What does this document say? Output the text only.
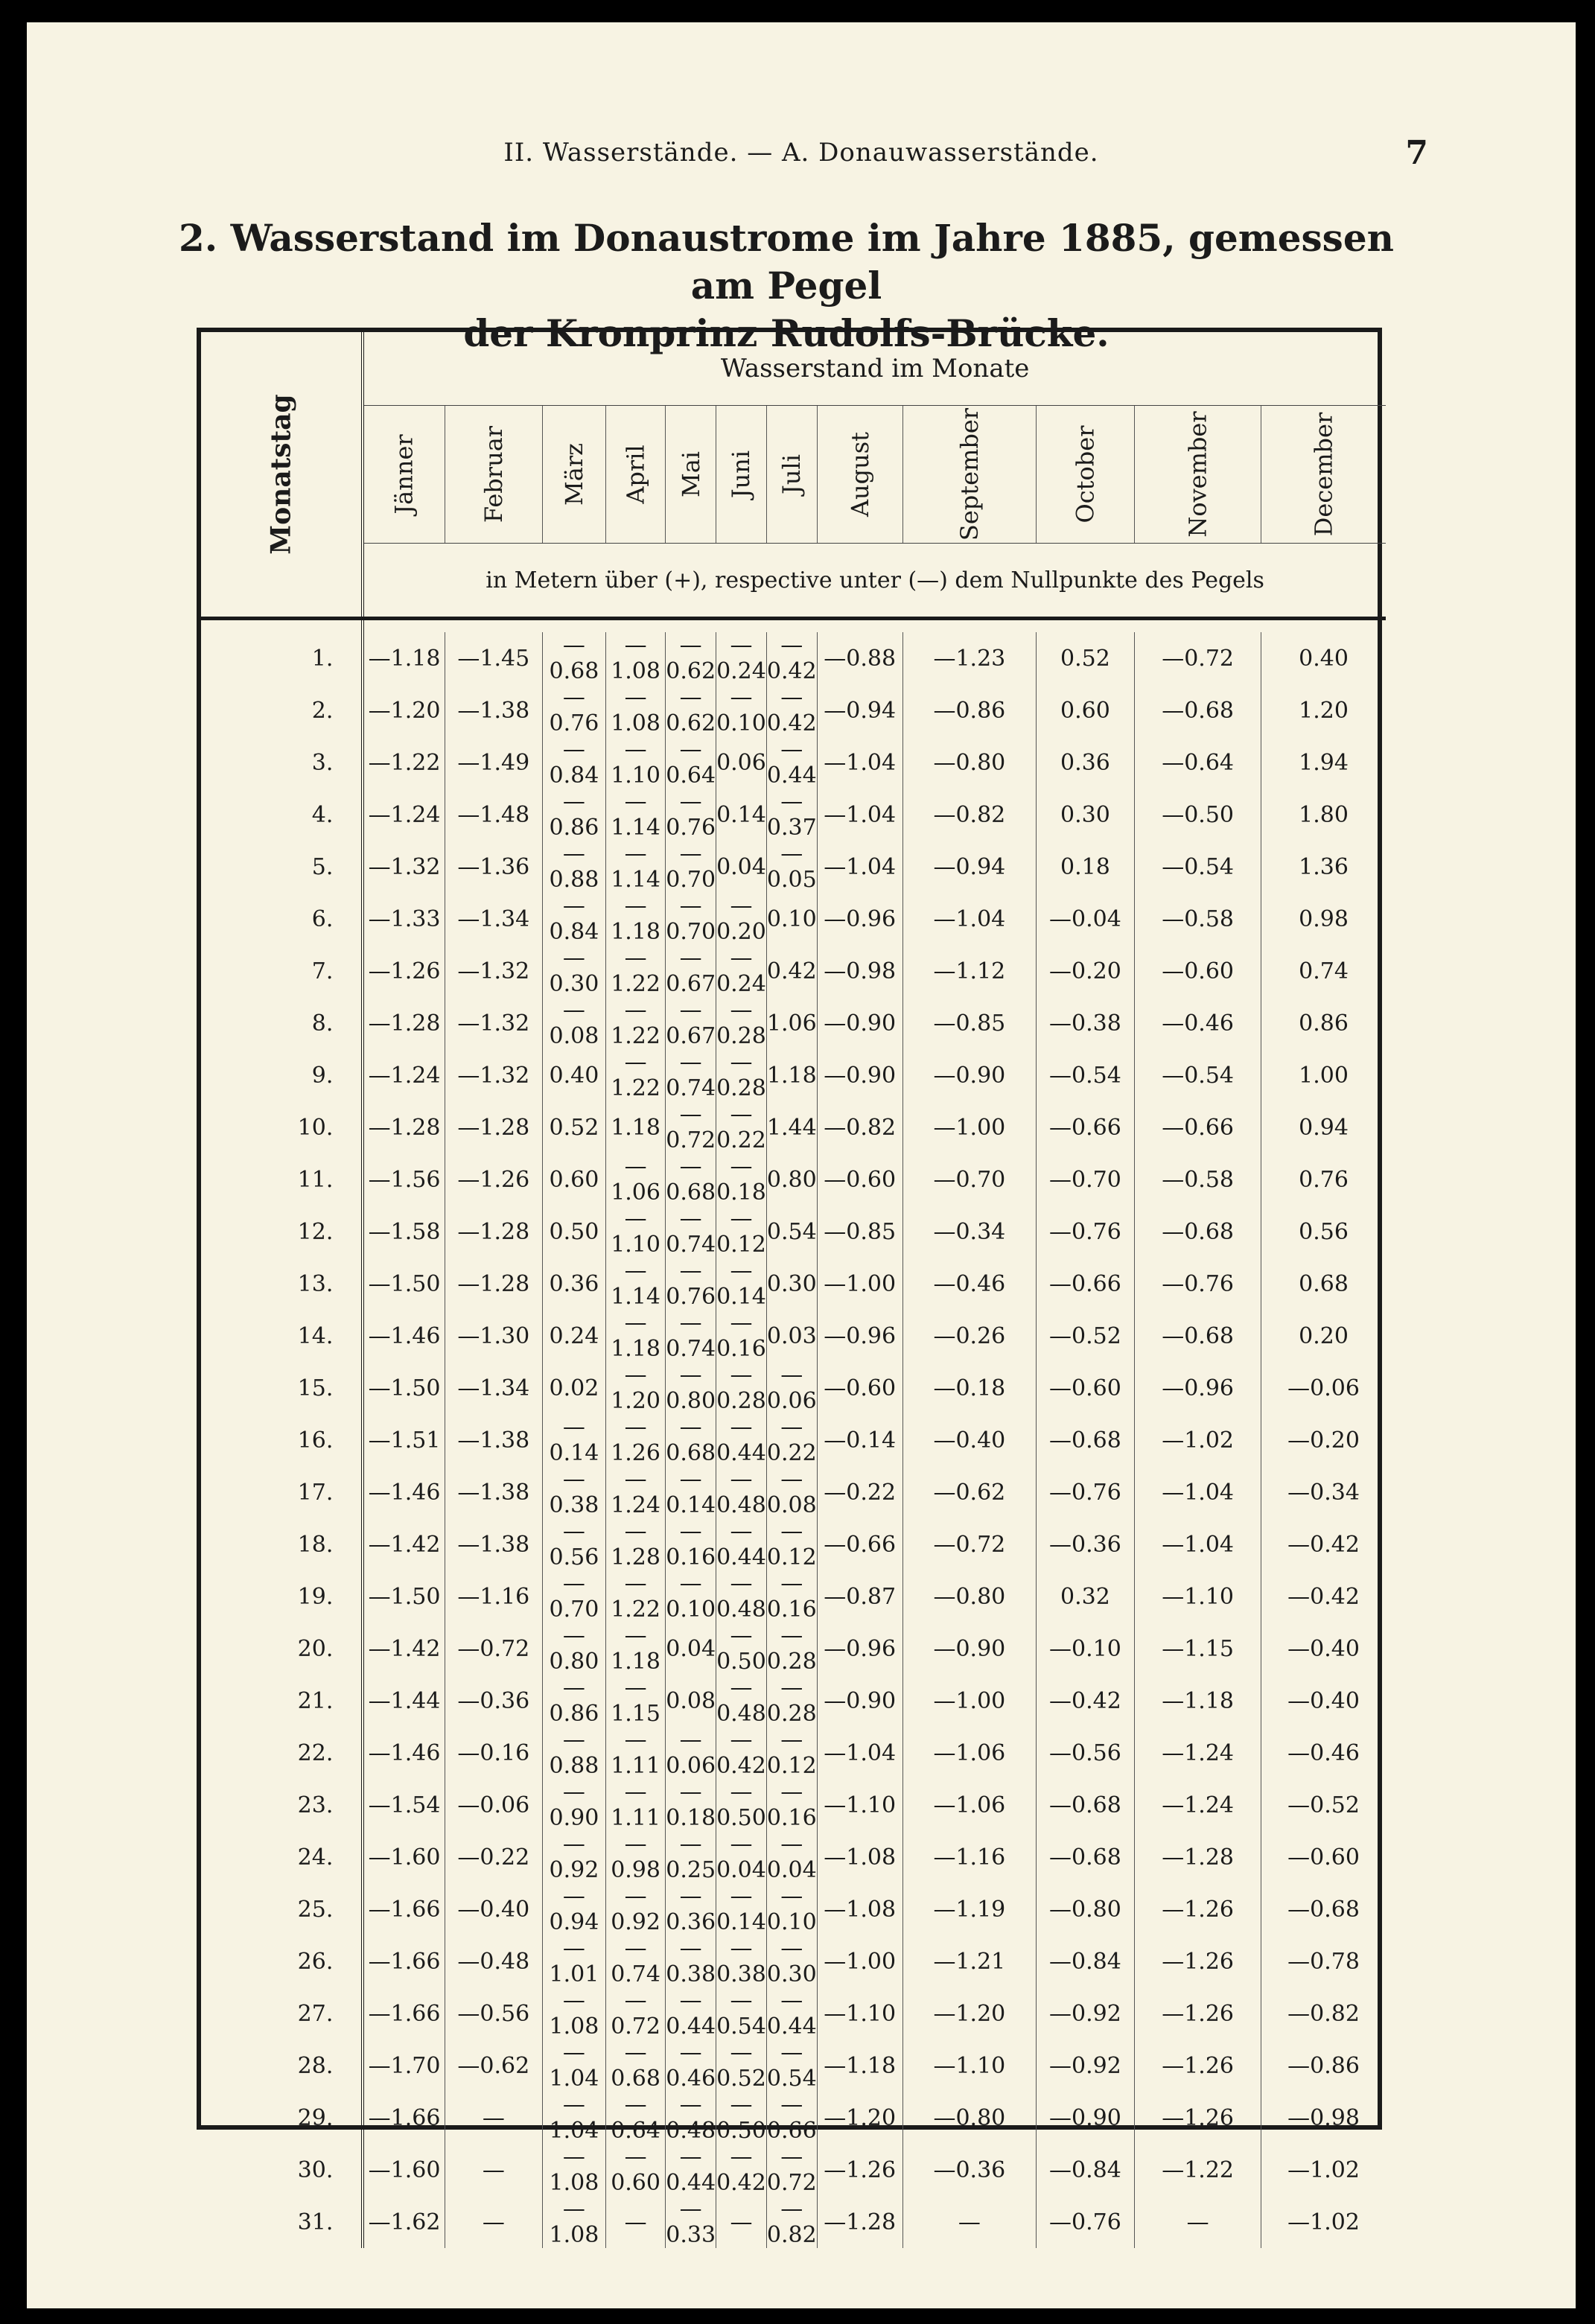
II. Wasserstände. — A. Donauwasserstände.	7
2. Wasserstand im Donaustrome im Jahre 1885, gemessen am Pegel
der Kronprinz Rudolfs-Brücke.
Monatstag	Wasserstand im Monate											
	Jänner	Februar	März	April	Mai	Juni	Juli	August	September	October	November	December
	in Metern über (+), respective unter (—) dem Nullpunkte des Pegels											

1.	—1.18	—1.45	—0.68	—1.08	—0.62	—0.24	—0.42	—0.88	—1.23	0.52	—0.72	0.40
2.	—1.20	—1.38	—0.76	—1.08	—0.62	—0.10	—0.42	—0.94	—0.86	0.60	—0.68	1.20
3.	—1.22	—1.49	—0.84	—1.10	—0.64	0.06	—0.44	—1.04	—0.80	0.36	—0.64	1.94
4.	—1.24	—1.48	—0.86	—1.14	—0.76	0.14	—0.37	—1.04	—0.82	0.30	—0.50	1.80
5.	—1.32	—1.36	—0.88	—1.14	—0.70	0.04	—0.05	—1.04	—0.94	0.18	—0.54	1.36
6.	—1.33	—1.34	—0.84	—1.18	—0.70	—0.20	0.10	—0.96	—1.04	—0.04	—0.58	0.98
7.	—1.26	—1.32	—0.30	—1.22	—0.67	—0.24	0.42	—0.98	—1.12	—0.20	—0.60	0.74
8.	—1.28	—1.32	—0.08	—1.22	—0.67	—0.28	1.06	—0.90	—0.85	—0.38	—0.46	0.86
9.	—1.24	—1.32	0.40	—1.22	—0.74	—0.28	1.18	—0.90	—0.90	—0.54	—0.54	1.00
10.	—1.28	—1.28	0.52	1.18	—0.72	—0.22	1.44	—0.82	—1.00	—0.66	—0.66	0.94
11.	—1.56	—1.26	0.60	—1.06	—0.68	—0.18	0.80	—0.60	—0.70	—0.70	—0.58	0.76
12.	—1.58	—1.28	0.50	—1.10	—0.74	—0.12	0.54	—0.85	—0.34	—0.76	—0.68	0.56
13.	—1.50	—1.28	0.36	—1.14	—0.76	—0.14	0.30	—1.00	—0.46	—0.66	—0.76	0.68
14.	—1.46	—1.30	0.24	—1.18	—0.74	—0.16	0.03	—0.96	—0.26	—0.52	—0.68	0.20
15.	—1.50	—1.34	0.02	—1.20	—0.80	—0.28	—0.06	—0.60	—0.18	—0.60	—0.96	—0.06
16.	—1.51	—1.38	—0.14	—1.26	—0.68	—0.44	—0.22	—0.14	—0.40	—0.68	—1.02	—0.20
17.	—1.46	—1.38	—0.38	—1.24	—0.14	—0.48	—0.08	—0.22	—0.62	—0.76	—1.04	—0.34
18.	—1.42	—1.38	—0.56	—1.28	—0.16	—0.44	—0.12	—0.66	—0.72	—0.36	—1.04	—0.42
19.	—1.50	—1.16	—0.70	—1.22	—0.10	—0.48	—0.16	—0.87	—0.80	0.32	—1.10	—0.42
20.	—1.42	—0.72	—0.80	—1.18	0.04	—0.50	—0.28	—0.96	—0.90	—0.10	—1.15	—0.40
21.	—1.44	—0.36	—0.86	—1.15	0.08	—0.48	—0.28	—0.90	—1.00	—0.42	—1.18	—0.40
22.	—1.46	—0.16	—0.88	—1.11	—0.06	—0.42	—0.12	—1.04	—1.06	—0.56	—1.24	—0.46
23.	—1.54	—0.06	—0.90	—1.11	—0.18	—0.50	—0.16	—1.10	—1.06	—0.68	—1.24	—0.52
24.	—1.60	—0.22	—0.92	—0.98	—0.25	—0.04	—0.04	—1.08	—1.16	—0.68	—1.28	—0.60
25.	—1.66	—0.40	—0.94	—0.92	—0.36	—0.14	—0.10	—1.08	—1.19	—0.80	—1.26	—0.68
26.	—1.66	—0.48	—1.01	—0.74	—0.38	—0.38	—0.30	—1.00	—1.21	—0.84	—1.26	—0.78
27.	—1.66	—0.56	—1.08	—0.72	—0.44	—0.54	—0.44	—1.10	—1.20	—0.92	—1.26	—0.82
28.	—1.70	—0.62	—1.04	—0.68	—0.46	—0.52	—0.54	—1.18	—1.10	—0.92	—1.26	—0.86
29.	—1.66	—	—1.04	—0.64	—0.48	—0.50	—0.66	—1.20	—0.80	—0.90	—1.26	—0.98
30.	—1.60	—	—1.08	—0.60	—0.44	—0.42	—0.72	—1.26	—0.36	—0.84	—1.22	—1.02
31.	—1.62	—	—1.08	—	—0.33	—	—0.82	—1.28	—	—0.76	—	—1.02
